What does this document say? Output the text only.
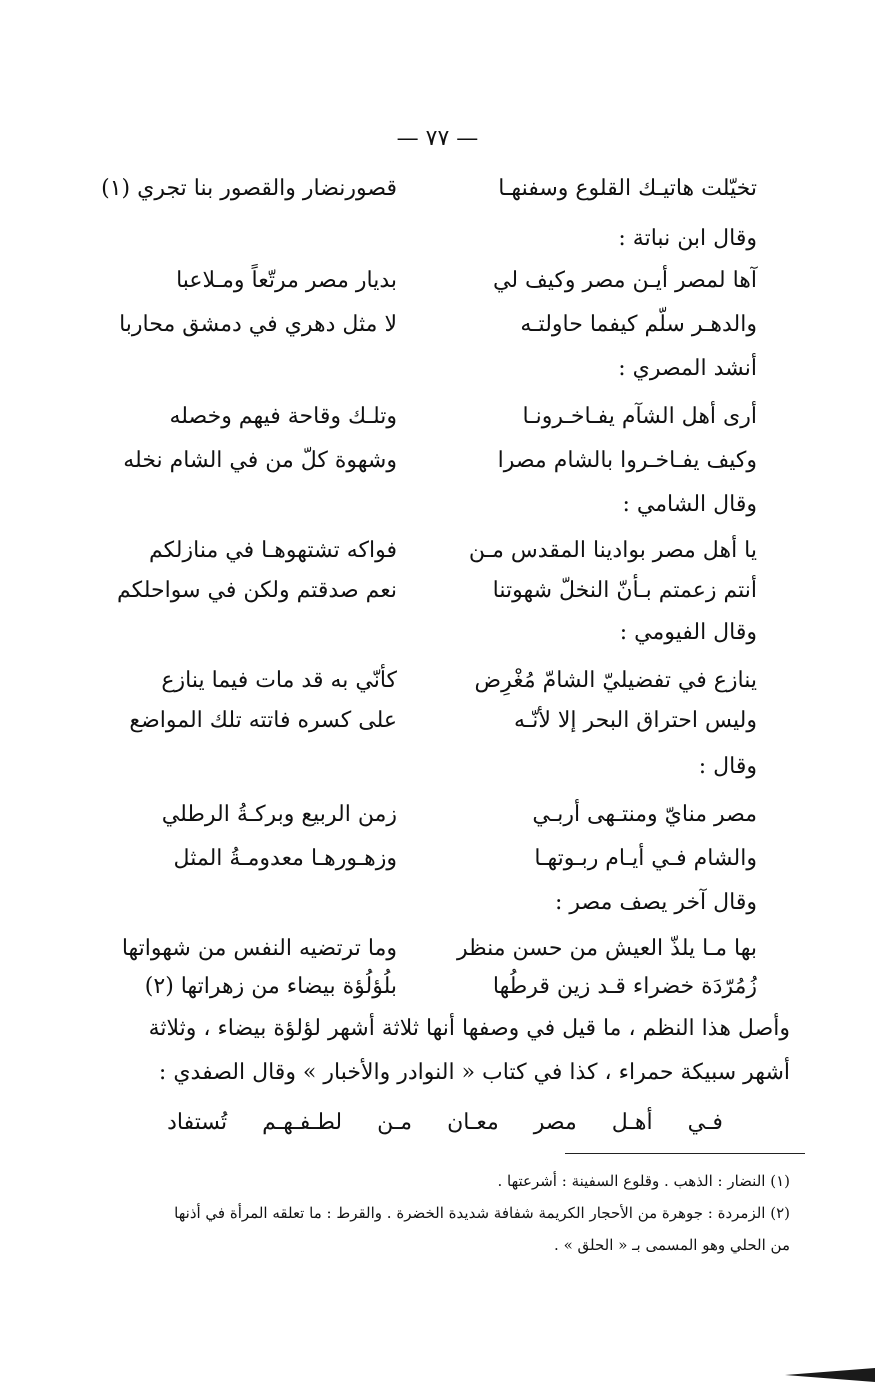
— ٧٧ —
تخيّلت هاتيـك القلوع وسفنهـا
قصورنضار والقصور بنا تجري (١)
وقال ابن نباتة :
آها لمصر أيـن مصر وكيف لي
بديار مصر مرتّعاً ومـلاعبا
والدهـر سلّم كيفما حاولتـه
لا مثل دهري في دمشق محاربا
أنشد المصري :
أرى أهل الشآم يفـاخـرونـا
وتلـك وقاحة فيهم وخصله
وكيف يفـاخـروا بالشام مصرا
وشهوة كلّ من في الشام نخله
وقال الشامي :
يا أهل مصر بوادينا المقدس مـن
فواكه تشتهوهـا في منازلكم
أنتم زعمتم بـأنّ النخلّ شهوتنا
نعم صدقتم ولكن في سواحلكم
وقال الفيومي :
ينازع في تفضيليّ الشامّ مُغْرِض
كأنّي به قد مات فيما ينازع
وليس احتراق البحر إلا لأنّـه
على كسره فاتته تلك المواضع
وقال :
مصر منايّ ومنتـهى أربـي
زمن الربيع وبركـةُ الرطلي
والشام فـي أيـام ربـوتهـا
وزهـورهـا معدومـةُ المثل
وقال آخر يصف مصر :
بها مـا يلذّ العيش من حسن منظر
وما ترتضيه النفس من شهواتها
زُمُرّدَة خضراء قـد زين قرطُها
بلُؤلُؤة بيضاء من زهراتها (٢)
وأصل هذا النظم ، ما قيل في وصفها أنها ثلاثة أشهر لؤلؤة بيضاء ، وثلاثة
أشهر سبيكة حمراء ، كذا في كتاب « النوادر والأخبار » وقال الصفدي :
فـي أهـل مصر معـان مـن لطـفـهـم تُستفاد
(١) النضار : الذهب . وقلوع السفينة : أشرعتها .
(٢) الزمردة : جوهرة من الأحجار الكريمة شفافة شديدة الخضرة . والقرط : ما تعلقه المرأة في أذنها
من الحلي وهو المسمى بـ « الحلق » .
